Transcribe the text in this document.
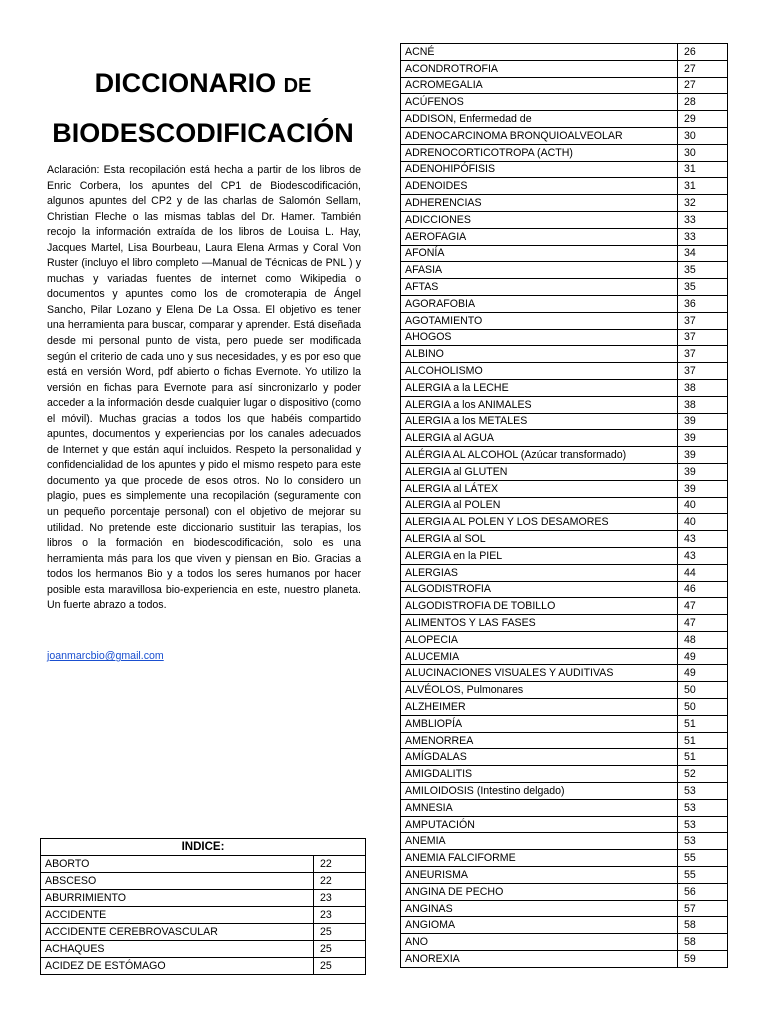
DICCIONARIO DE
BIODESCODIFICACIÓN
Aclaración: Esta recopilación está hecha a partir de los libros de Enric Corbera, los apuntes del CP1 de Biodescodificación, algunos apuntes del CP2 y de las charlas de Salomón Sellam, Christian Fleche o las mismas tablas del Dr. Hamer. También recojo la información extraída de los libros de Louisa L. Hay, Jacques Martel, Lisa Bourbeau, Laura Elena Armas y Coral Von Ruster (incluyo el libro completo —Manual de Técnicas de PNL ) y muchas y variadas fuentes de internet como Wikipedia o documentos y apuntes como los de cromoterapia de Ángel Sancho, Pilar Lozano y Elena De La Ossa. El objetivo es tener una herramienta para buscar, comparar y aprender. Está diseñada desde mi personal punto de vista, pero puede ser modificada según el criterio de cada uno y sus necesidades, y es por eso que está en versión Word, pdf abierto o fichas Evernote. Yo utilizo la versión en fichas para Evernote para así sincronizarlo y poder acceder a la información desde cualquier lugar o dispositivo (como el móvil). Muchas gracias a todos los que habéis compartido apuntes, documentos y experiencias por los canales adecuados de Internet y que están aquí incluidos. Respeto la personalidad y confidencialidad de los apuntes y pido el mismo respeto para este documento ya que procede de esos otros. No lo considero un plagio, pues es simplemente una recopilación (seguramente con un pequeño porcentaje personal) con el objetivo de mejorar su utilidad. No pretende este diccionario sustituir las terapias, los libros o la formación en biodescodificación, solo es una herramienta más para los que viven y piensan en Bio. Gracias a todos los hermanos Bio y a todos los seres humanos por hacer posible esta maravillosa bio-experiencia en este, nuestro planeta. Un fuerte abrazo a todos.
joanmarcbio@gmail.com
INDICE:	
ABORTO	22
ABSCESO	22
ABURRIMIENTO	23
ACCIDENTE	23
ACCIDENTE CEREBROVASCULAR	25
ACHAQUES	25
ACIDEZ DE ESTÓMAGO	25
ACNÉ	26
ACONDROTROFIA	27
ACROMEGALIA	27
ACÚFENOS	28
ADDISON, Enfermedad de	29
ADENOCARCINOMA BRONQUIOALVEOLAR	30
ADRENOCORTICOTROPA (ACTH)	30
ADENOHIPÓFISIS	31
ADENOIDES	31
ADHERENCIAS	32
ADICCIONES	33
AEROFAGIA	33
AFONÍA	34
AFASIA	35
AFTAS	35
AGORAFOBIA	36
AGOTAMIENTO	37
AHOGOS	37
ALBINO	37
ALCOHOLISMO	37
ALERGIA a la LECHE	38
ALERGIA a los ANIMALES	38
ALERGIA a los METALES	39
ALERGIA al AGUA	39
ALÉRGIA AL ALCOHOL (Azúcar transformado)	39
ALERGIA al GLUTEN	39
ALERGIA al LÁTEX	39
ALERGIA al POLEN	40
ALERGIA AL POLEN Y LOS DESAMORES	40
ALERGIA al SOL	43
ALERGIA en la PIEL	43
ALERGIAS	44
ALGODISTROFIA	46
ALGODISTROFIA DE TOBILLO	47
ALIMENTOS Y LAS FASES	47
ALOPECIA	48
ALUCEMIA	49
ALUCINACIONES VISUALES Y AUDITIVAS	49
ALVÉOLOS, Pulmonares	50
ALZHEIMER	50
AMBLIOPÍA	51
AMENORREA	51
AMÍGDALAS	51
AMIGDALITIS	52
AMILOIDOSIS (Intestino delgado)	53
AMNESIA	53
AMPUTACIÓN	53
ANEMIA	53
ANEMIA FALCIFORME	55
ANEURISMA	55
ANGINA DE PECHO	56
ANGINAS	57
ANGIOMA	58
ANO	58
ANOREXIA	59
